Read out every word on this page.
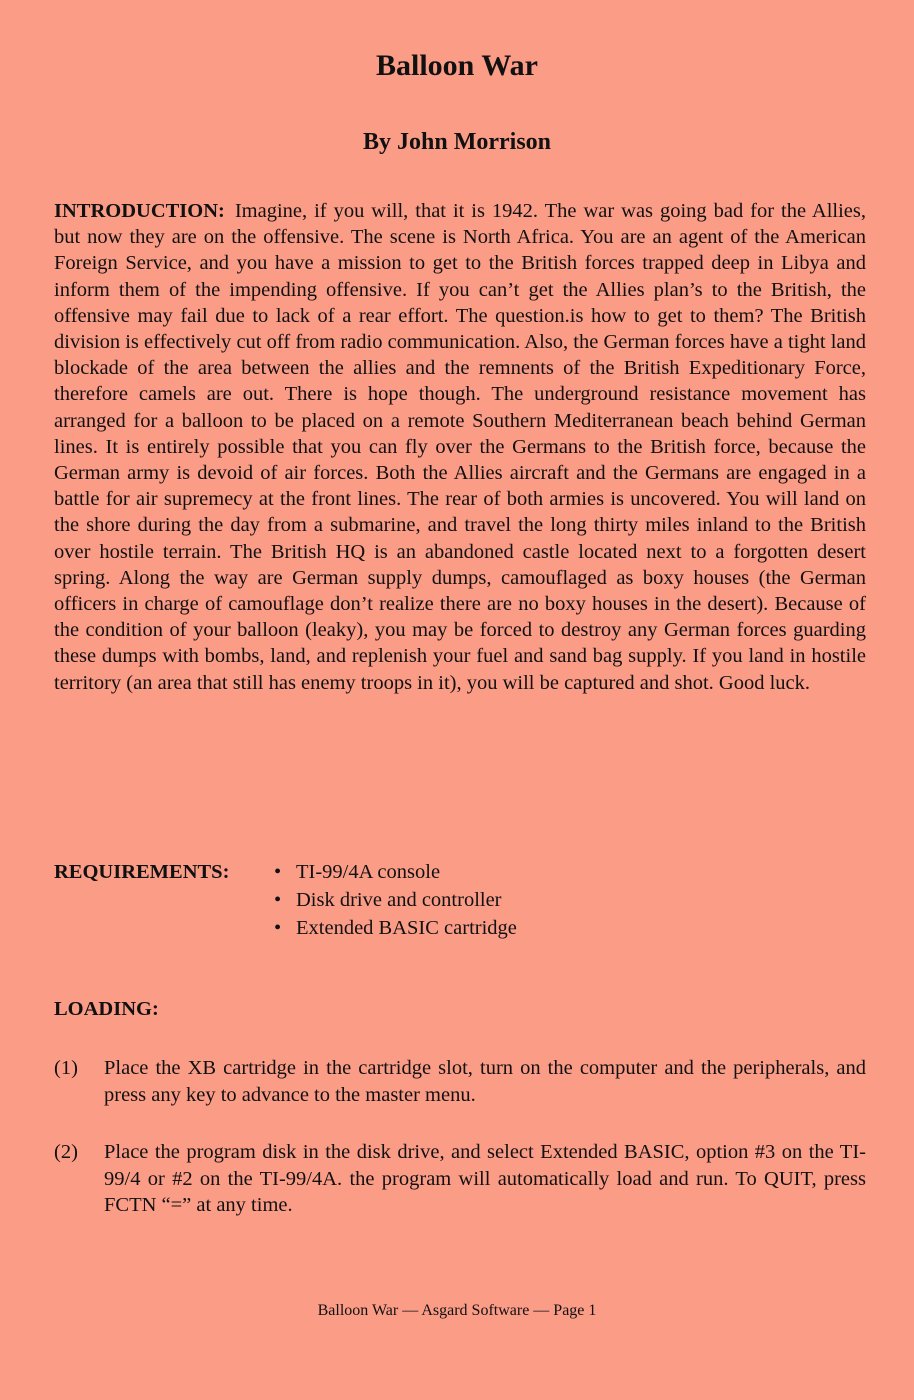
Balloon War
By John Morrison

INTRODUCTION: Imagine, if you will, that it is 1942. The war was going bad for the Allies, but now they are on the offensive. The scene is North Africa. You are an agent of the American Foreign Service, and you have a mission to get to the British forces trapped deep in Libya and inform them of the impending offensive. If you can’t get the Allies plan’s to the British, the offensive may fail due to lack of a rear effort. The question.is how to get to them? The British division is effectively cut off from radio communication. Also, the German forces have a tight land blockade of the area between the allies and the remnents of the British Expeditionary Force, therefore camels are out. There is hope though. The underground resistance movement has arranged for a balloon to be placed on a remote Southern Mediterranean beach behind German lines. It is entirely possible that you can fly over the Germans to the British force, because the German army is devoid of air forces. Both the Allies aircraft and the Germans are engaged in a battle for air supremecy at the front lines. The rear of both armies is uncovered. You will land on the shore during the day from a submarine, and travel the long thirty miles inland to the British over hostile terrain. The British HQ is an abandoned castle located next to a forgotten desert spring. Along the way are German supply dumps, camouflaged as boxy houses (the German officers in charge of camouflage don’t realize there are no boxy houses in the desert). Because of the condition of your balloon (leaky), you may be forced to destroy any German forces guarding these dumps with bombs, land, and replenish your fuel and sand bag supply. If you land in hostile territory (an area that still has enemy troops in it), you will be captured and shot. Good luck.

REQUIREMENTS: • TI-99/4A console
• Disk drive and controller
• Extended BASIC cartridge
LOADING:
(1) Place the XB cartridge in the cartridge slot, turn on the computer and the peripherals, and press any key to advance to the master menu.
(2) Place the program disk in the disk drive, and select Extended BASIC, option #3 on the TI-99/4 or #2 on the TI-99/4A. the program will automatically load and run. To QUIT, press FCTN “=” at any time.
Balloon War — Asgard Software — Page 1
